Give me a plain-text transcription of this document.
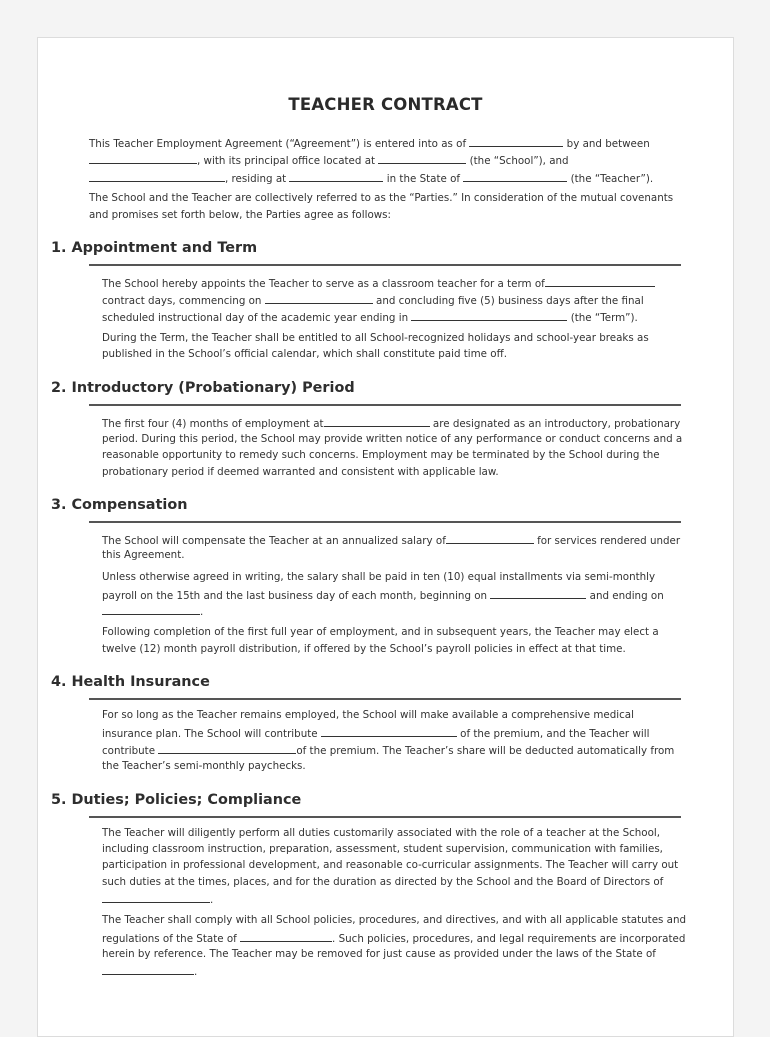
TEACHER CONTRACT
This Teacher Employment Agreement (“Agreement”) is entered into as of	by and between
, with its principal office located at	(the “School”), and
, residing at	in the State of	(the “Teacher”).
The School and the Teacher are collectively referred to as the “Parties.” In consideration of the mutual covenants
and promises set forth below, the Parties agree as follows:
1. Appointment and Term
The School hereby appoints the Teacher to serve as a classroom teacher for a term of
contract days, commencing on	and concluding five (5) business days after the final
scheduled instructional day of the academic year ending in	(the “Term”).
During the Term, the Teacher shall be entitled to all School-recognized holidays and school-year breaks as
published in the School’s official calendar, which shall constitute paid time off.
2. Introductory (Probationary) Period
The first four (4) months of employment at	are designated as an introductory, probationary
period. During this period, the School may provide written notice of any performance or conduct concerns and a
reasonable opportunity to remedy such concerns. Employment may be terminated by the School during the
probationary period if deemed warranted and consistent with applicable law.
3. Compensation
The School will compensate the Teacher at an annualized salary of	for services rendered under
this Agreement.
Unless otherwise agreed in writing, the salary shall be paid in ten (10) equal installments via semi-monthly
payroll on the 15th and the last business day of each month, beginning on	and ending on
.
Following completion of the first full year of employment, and in subsequent years, the Teacher may elect a
twelve (12) month payroll distribution, if offered by the School’s payroll policies in effect at that time.
4. Health Insurance
For so long as the Teacher remains employed, the School will make available a comprehensive medical
insurance plan. The School will contribute	of the premium, and the Teacher will
contribute	of the premium. The Teacher’s share will be deducted automatically from
the Teacher’s semi-monthly paychecks.
5. Duties; Policies; Compliance
The Teacher will diligently perform all duties customarily associated with the role of a teacher at the School,
including classroom instruction, preparation, assessment, student supervision, communication with families,
participation in professional development, and reasonable co-curricular assignments. The Teacher will carry out
such duties at the times, places, and for the duration as directed by the School and the Board of Directors of
.
The Teacher shall comply with all School policies, procedures, and directives, and with all applicable statutes and
regulations of the State of	. Such policies, procedures, and legal requirements are incorporated
herein by reference. The Teacher may be removed for just cause as provided under the laws of the State of
.
